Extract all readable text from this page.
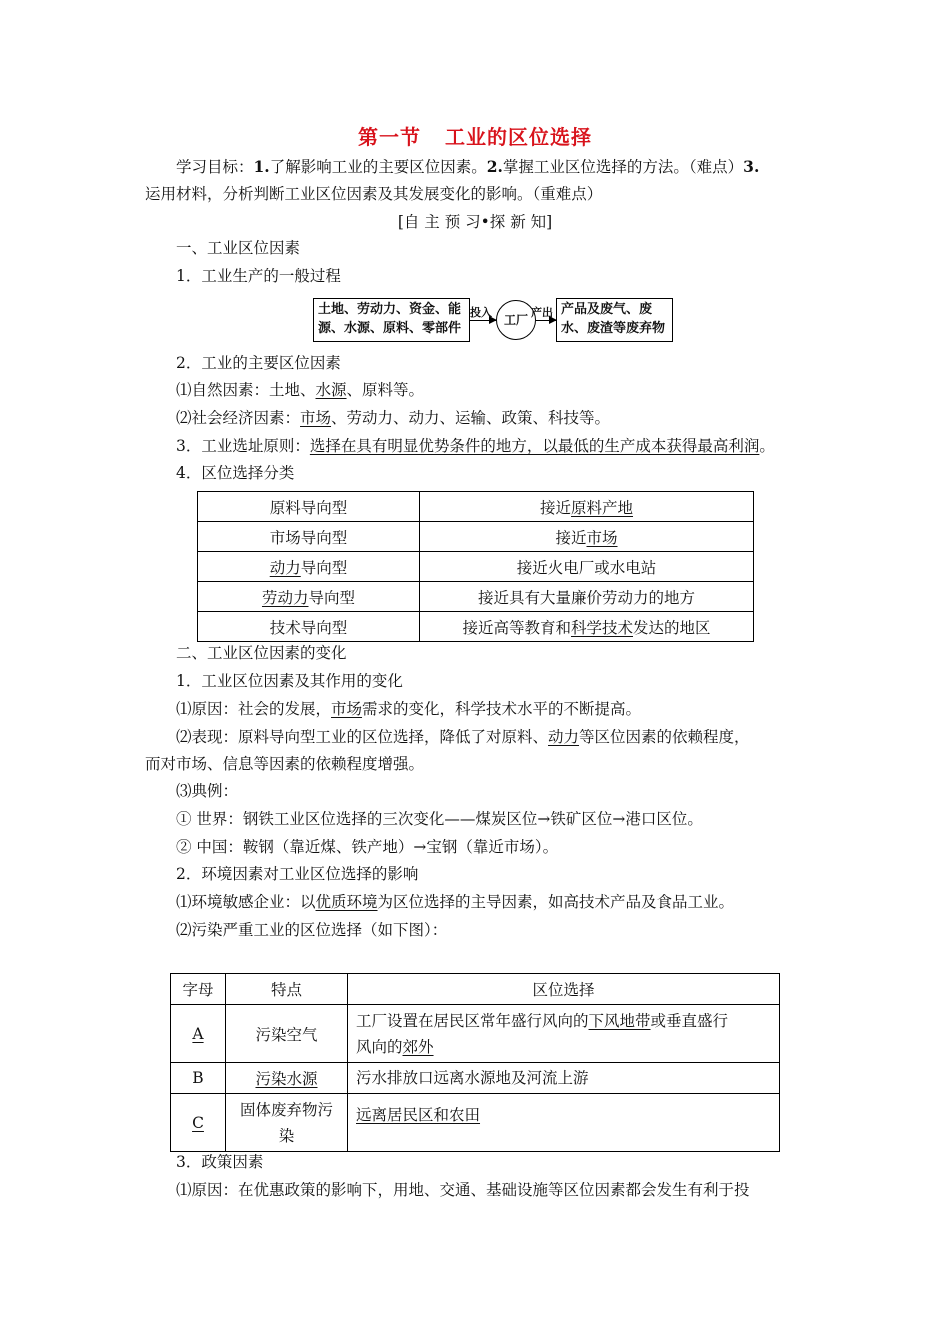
第一节 工业的区位选择
学习目标：1.了解影响工业的主要区位因素。2.掌握工业区位选择的方法。（难点）3.
运用材料，分析判断工业区位因素及其发展变化的影响。（重难点）
[自 主 预 习•探 新 知]
一、工业区位因素
1．工业生产的一般过程
土地、劳动力、资金、能源、水源、原料、零部件
投入
工厂
产出 产品及废气、废水、废渣等废弃物
2．工业的主要区位因素
⑴自然因素：土地、水源、原料等。
⑵社会经济因素：市场、劳动力、动力、运输、政策、科技等。
3．工业选址原则：选择在具有明显优势条件的地方，以最低的生产成本获得最高利润。
4．区位选择分类
原料导向型	接近原料产地
市场导向型	接近市场
动力导向型	接近火电厂或水电站
劳动力导向型	接近具有大量廉价劳动力的地方
技术导向型	接近高等教育和科学技术发达的地区
二、工业区位因素的变化
1．工业区位因素及其作用的变化
⑴原因：社会的发展，市场需求的变化，科学技术水平的不断提高。
⑵表现：原料导向型工业的区位选择，降低了对原料、动力等区位因素的依赖程度，
而对市场、信息等因素的依赖程度增强。
⑶典例：
① 世界：钢铁工业区位选择的三次变化——煤炭区位→铁矿区位→港口区位。
② 中国：鞍钢（靠近煤、铁产地）→宝钢（靠近市场）。
2．环境因素对工业区位选择的影响
⑴环境敏感企业：以优质环境为区位选择的主导因素，如高技术产品及食品工业。
⑵污染严重工业的区位选择（如下图）：
字母	特点	区位选择
A	污染空气	工厂设置在居民区常年盛行风向的下风地带或垂直盛行
风向的郊外

B	污染水源	污水排放口远离水源地及河流上游
C	固体废弃物污
染	远离居民区和农田
3．政策因素
⑴原因：在优惠政策的影响下，用地、交通、基础设施等区位因素都会发生有利于投
